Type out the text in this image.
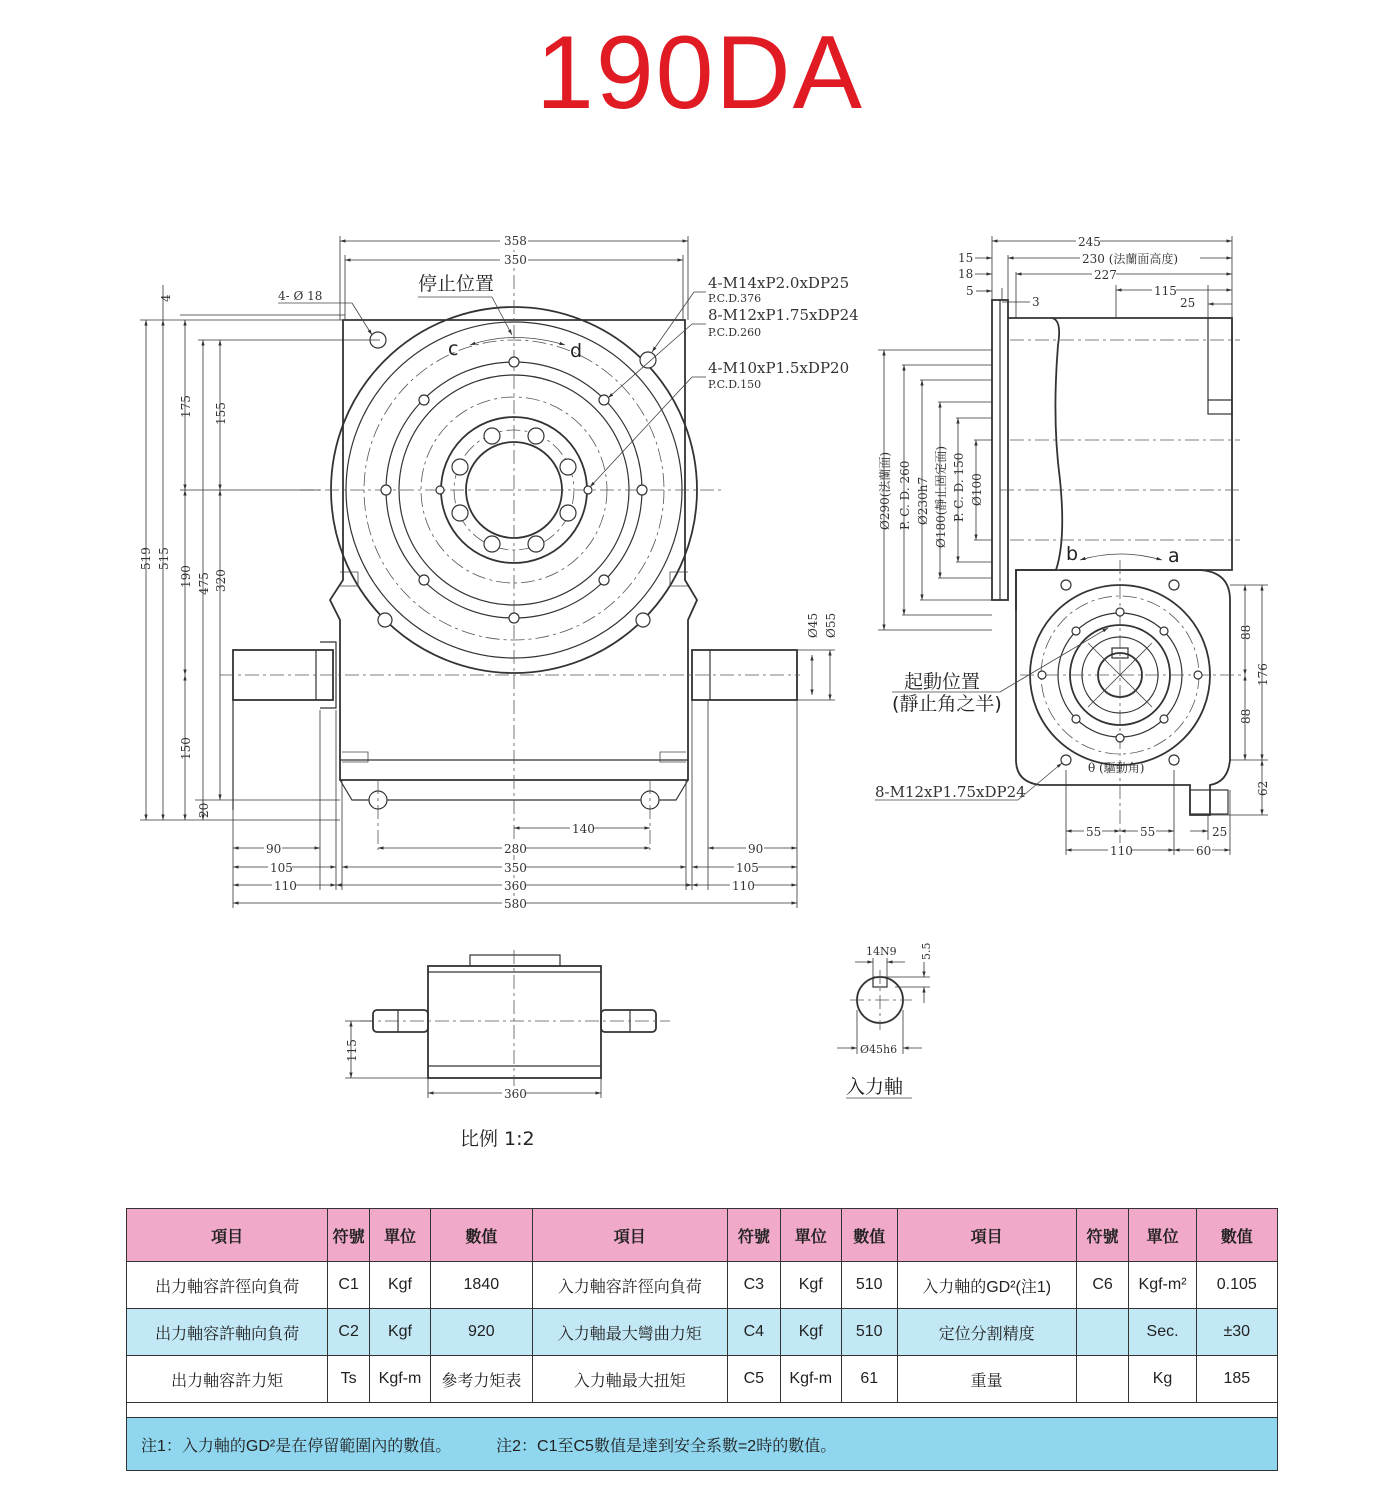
190DA
c	d
停止位置
4- Ø 18
4-M14xP2.0xDP25
P.C.D.376
8-M12xP1.75xDP24
P.C.D.260
4-M10xP1.5xDP20
P.C.D.150
358
350
4
519 515
175
190
150
475
20
155
320
Ø45 Ø55
140
280
350
360
580
90
105
110
90
105
110
b	a
起動位置
(靜止角之半)
θ (驅動角)
8-M12xP1.75xDP24
245
230 (法蘭面高度)
227
115
25
15
18
5
3
Ø290(法蘭面) P. C. D. 260 Ø230h7 Ø180(靜止固定面) P. C. D. 150 Ø100
88
88
176
62
55	55	25
110	60
115
360
14N9 5.5
Ø45h6
入力軸
比例 1:2
項目	符號	單位	數值	項目	符號	單位	數值	項目	符號	單位	數值
出力軸容許徑向負荷	C1	Kgf	1840	入力軸容許徑向負荷	C3	Kgf	510	入力軸的GD²(注1)	C6	Kgf-m²	0.105
出力軸容許軸向負荷	C2	Kgf	920	入力軸最大彎曲力矩	C4	Kgf	510	定位分割精度		Sec.	±30
出力軸容許力矩	Ts	Kgf-m	參考力矩表	入力軸最大扭矩	C5	Kgf-m	61	重量		Kg	185

注1：入力軸的GD²是在停留範圍內的數值。 注2：C1至C5數值是達到安全系數=2時的數值。											
